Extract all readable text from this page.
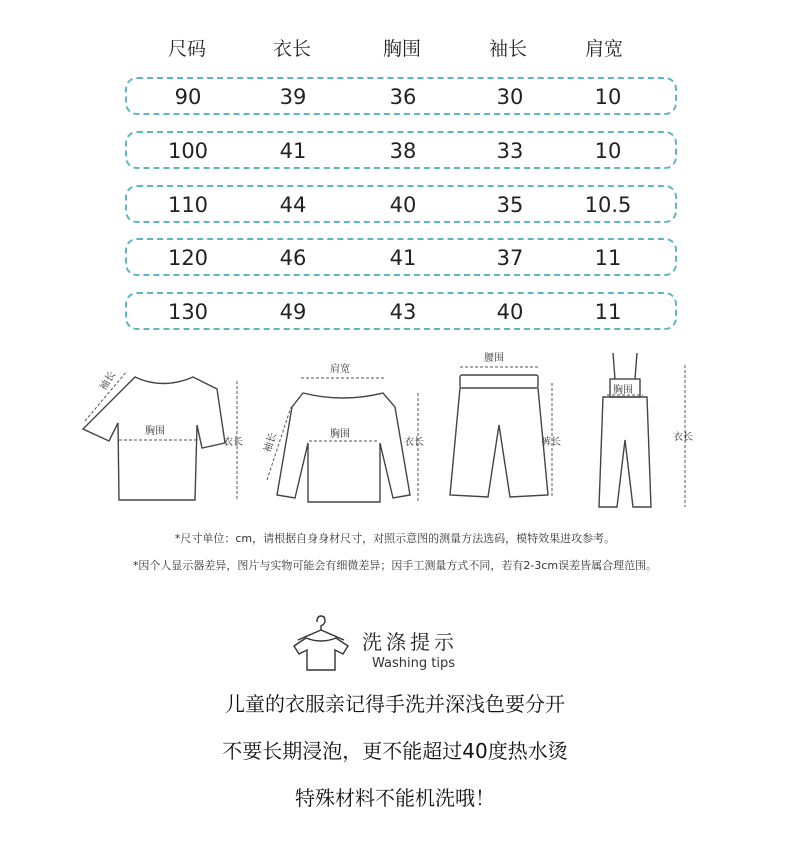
尺码	衣长	胸围	袖长	肩宽
90	39	36	30	10
100	41	38	33	10
110	44	40	35	10.5
120	46	41	37	11
130	49	43	40	11
袖长
胸围
衣长
肩宽
袖长	胸围
衣长
腰围
裤长
胸围
衣长
*尺寸单位：cm，请根据自身身材尺寸，对照示意图的测量方法选码，模特效果进攻参考。
*因个人显示器差异，图片与实物可能会有细微差异；因手工测量方式不同，若有2-3cm误差皆属合理范围。
洗涤提示
Washing tips
儿童的衣服亲记得手洗并深浅色要分开
不要长期浸泡，更不能超过40度热水烫
特殊材料不能机洗哦！
